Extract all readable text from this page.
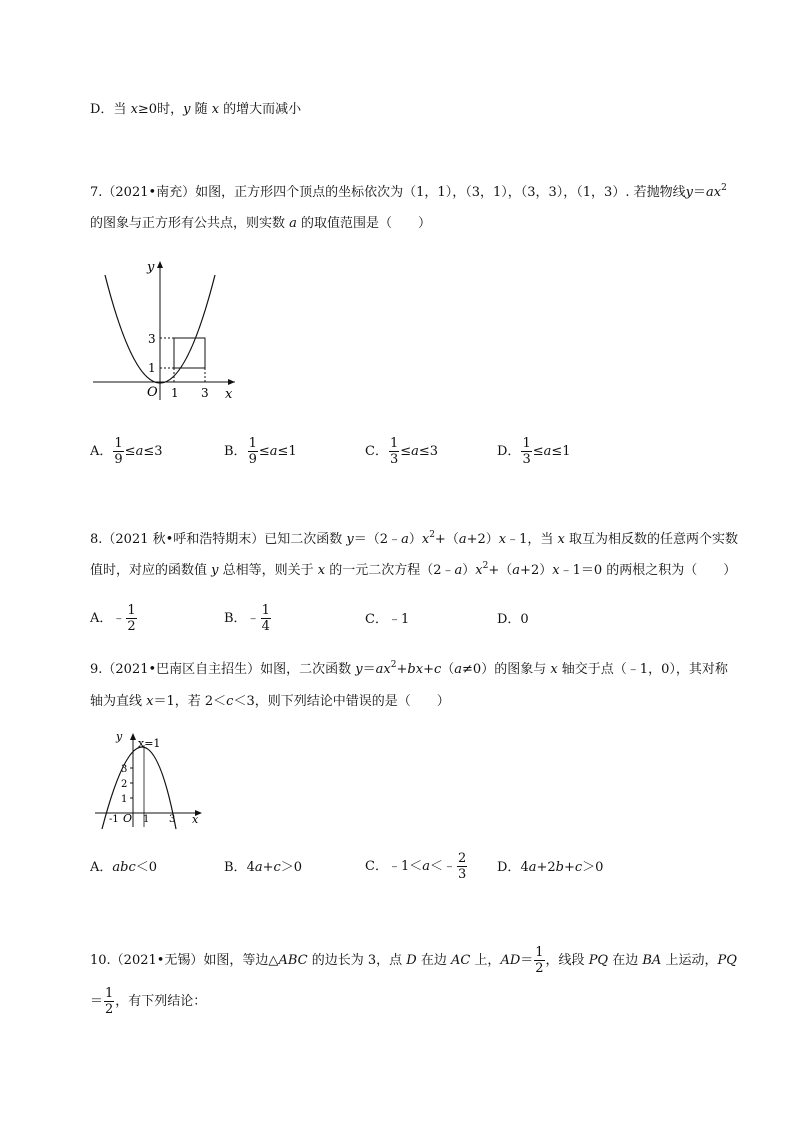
D．当 x≥0时，y 随 x 的增大而减小
7.（2021•南充）如图，正方形四个顶点的坐标依次为（1，1），（3，1），（3，3），（1，3）. 若抛物线$y=ax^2$
的图象与正方形有公共点，则实数 a 的取值范围是（　　）
y
x
O 1 3
1
3
A． $\frac{1}{9} \le a\le 3$	B． $\frac{1}{9} \le a\le 1$	C． $\frac{1}{3} \le a\le 3$	D． $\frac{1}{3} \le a\le 1$
8.（2021 秋•呼和浩特期末）已知二次函数 $y=(2﹣a)x^2+(a+2)x﹣1$，当 x 取互为相反数的任意两个实数
值时，对应的函数值 y 总相等，则关于 x 的一元二次方程$(2﹣a)x^2+(a+2)x﹣1=0$ 的两根之积为（　　）
A．﹣ $\frac{1}{2}$	B．﹣ $\frac{1}{4}$	C．﹣1	D．0
9.（2021•巴南区自主招生）如图，二次函数 $y=ax^2+bx+c(a\ne 0)$的图象与 x 轴交于点（﹣1，0），其对称
轴为直线 x＝1，若 2＜c＜3，则下列结论中错误的是（　　）
y
x=1
x
O
-1 1 3
1
2
3
A．abc＜0	B．4a+c＞0	C．﹣1＜a＜﹣ $\frac{2}{3}$ D．4a+2b+c＞0
10.（2021•无锡）如图，等边△ABC 的边长为 3，点 D 在边 AC 上，$AD= \frac{1}{2}$ ，线段 PQ 在边 BA 上运动，PQ
＝ $\frac{1}{2}$ ，有下列结论：
